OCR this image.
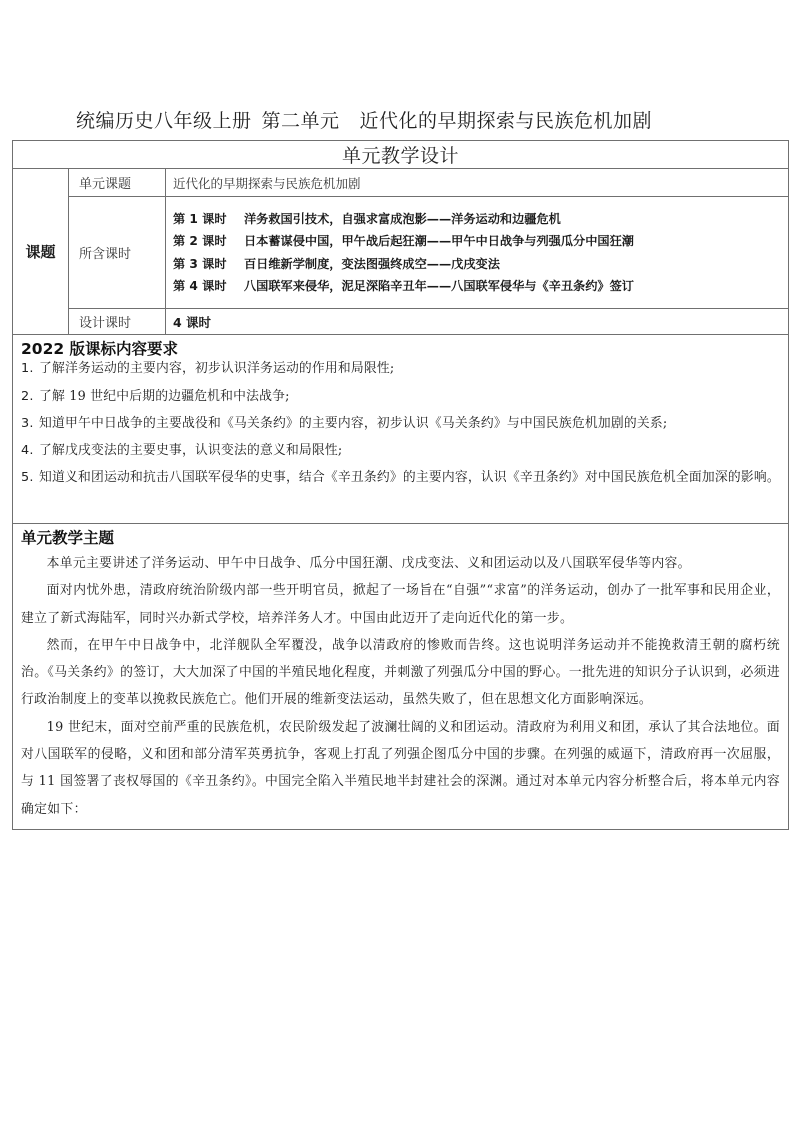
统编历史八年级上册 第二单元 近代化的早期探索与民族危机加剧
单元教学设计		
课题	单元课题	近代化的早期探索与民族危机加剧
	所含课时	第 1 课时 洋务救国引技术，自强求富成泡影——洋务运动和边疆危机
第 2 课时 日本蓄谋侵中国，甲午战后起狂潮——甲午中日战争与列强瓜分中国狂潮
第 3 课时 百日维新学制度，变法图强终成空——戊戌变法
第 4 课时 八国联军来侵华，泥足深陷辛丑年——八国联军侵华与《辛丑条约》签订

	设计课时	4 课时

2022 版课标内容要求
1. 了解洋务运动的主要内容，初步认识洋务运动的作用和局限性;
2. 了解 19 世纪中后期的边疆危机和中法战争;
3. 知道甲午中日战争的主要战役和《马关条约》的主要内容，初步认识《马关条约》与中国民族危机加剧的关系;
4. 了解戊戌变法的主要史事，认识变法的意义和局限性;
5. 知道义和团运动和抗击八国联军侵华的史事，结合《辛丑条约》的主要内容，认识《辛丑条约》对中国民族危机全面加深的影响。

单元教学主题

本单元主要讲述了洋务运动、甲午中日战争、瓜分中国狂潮、戊戌变法、义和团运动以及八国联军侵华等内容。

面对内忧外患，清政府统治阶级内部一些开明官员，掀起了一场旨在“自强”“求富”的洋务运动，创办了一批军事和民用企业，建立了新式海陆军，同时兴办新式学校，培养洋务人才。中国由此迈开了走向近代化的第一步。

然而，在甲午中日战争中，北洋舰队全军覆没，战争以清政府的惨败而告终。这也说明洋务运动并不能挽救清王朝的腐朽统治。《马关条约》的签订，大大加深了中国的半殖民地化程度，并刺激了列强瓜分中国的野心。一批先进的知识分子认识到，必须进行政治制度上的变革以挽救民族危亡。他们开展的维新变法运动，虽然失败了，但在思想文化方面影响深远。

19 世纪末，面对空前严重的民族危机，农民阶级发起了波澜壮阔的义和团运动。清政府为利用义和团，承认了其合法地位。面对八国联军的侵略，义和团和部分清军英勇抗争，客观上打乱了列强企图瓜分中国的步骤。在列强的威逼下，清政府再一次屈服，与 11 国签署了丧权辱国的《辛丑条约》。中国完全陷入半殖民地半封建社会的深渊。通过对本单元内容分析整合后，将本单元内容确定如下：		
